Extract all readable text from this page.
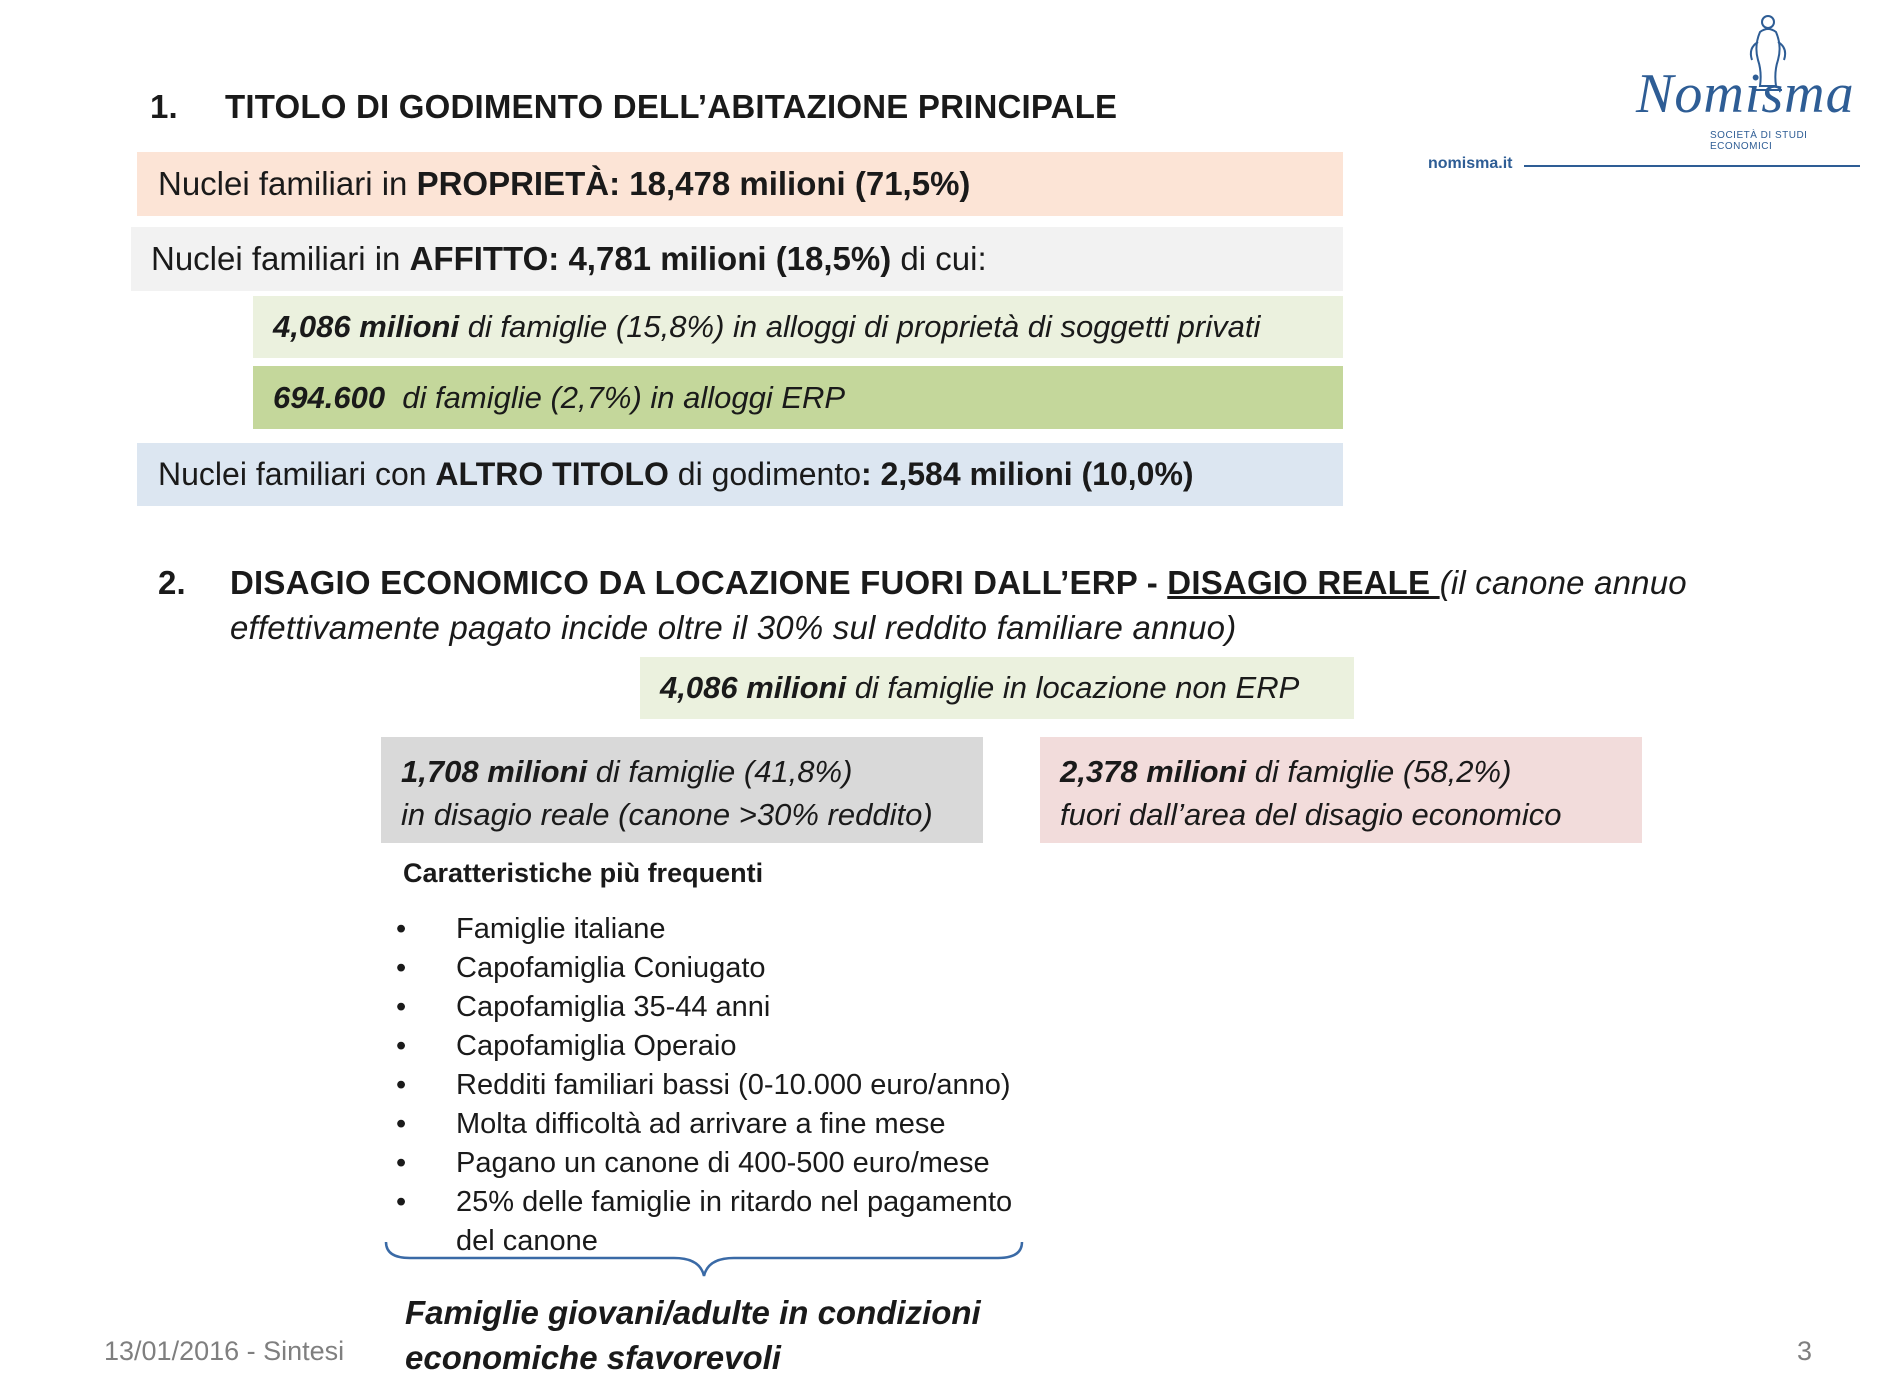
Nomisma
SOCIETÀ DI STUDI ECONOMICI
nomisma.it
1. TITOLO DI GODIMENTO DELL’ABITAZIONE PRINCIPALE
Nuclei familiari in PROPRIETÀ: 18,478 milioni (71,5%)
Nuclei familiari in AFFITTO: 4,781 milioni (18,5%) di cui:
4,086 milioni di famiglie (15,8%) in alloggi di proprietà di soggetti privati
694.600 di famiglie (2,7%) in alloggi ERP
Nuclei familiari con ALTRO TITOLO di godimento : 2,584 milioni (10,0%)
2. DISAGIO ECONOMICO DA LOCAZIONE FUORI DALL’ERP - DISAGIO REALE (il canone annuo
effettivamente pagato incide oltre il 30% sul reddito familiare annuo)
4,086 milioni di famiglie in locazione non ERP
1,708 milioni di famiglie (41,8%)
in disagio reale (canone >30% reddito)
2,378 milioni di famiglie (58,2%)
fuori dall’area del disagio economico
Caratteristiche più frequenti
• Famiglie italiane
• Capofamiglia Coniugato
• Capofamiglia 35-44 anni
• Capofamiglia Operaio
• Redditi familiari bassi (0-10.000 euro/anno)
• Molta difficoltà ad arrivare a fine mese
• Pagano un canone di 400-500 euro/mese
• 25% delle famiglie in ritardo nel pagamento del canone
Famiglie giovani/adulte in condizioni
economiche sfavorevoli
13/01/2016 - Sintesi	3
